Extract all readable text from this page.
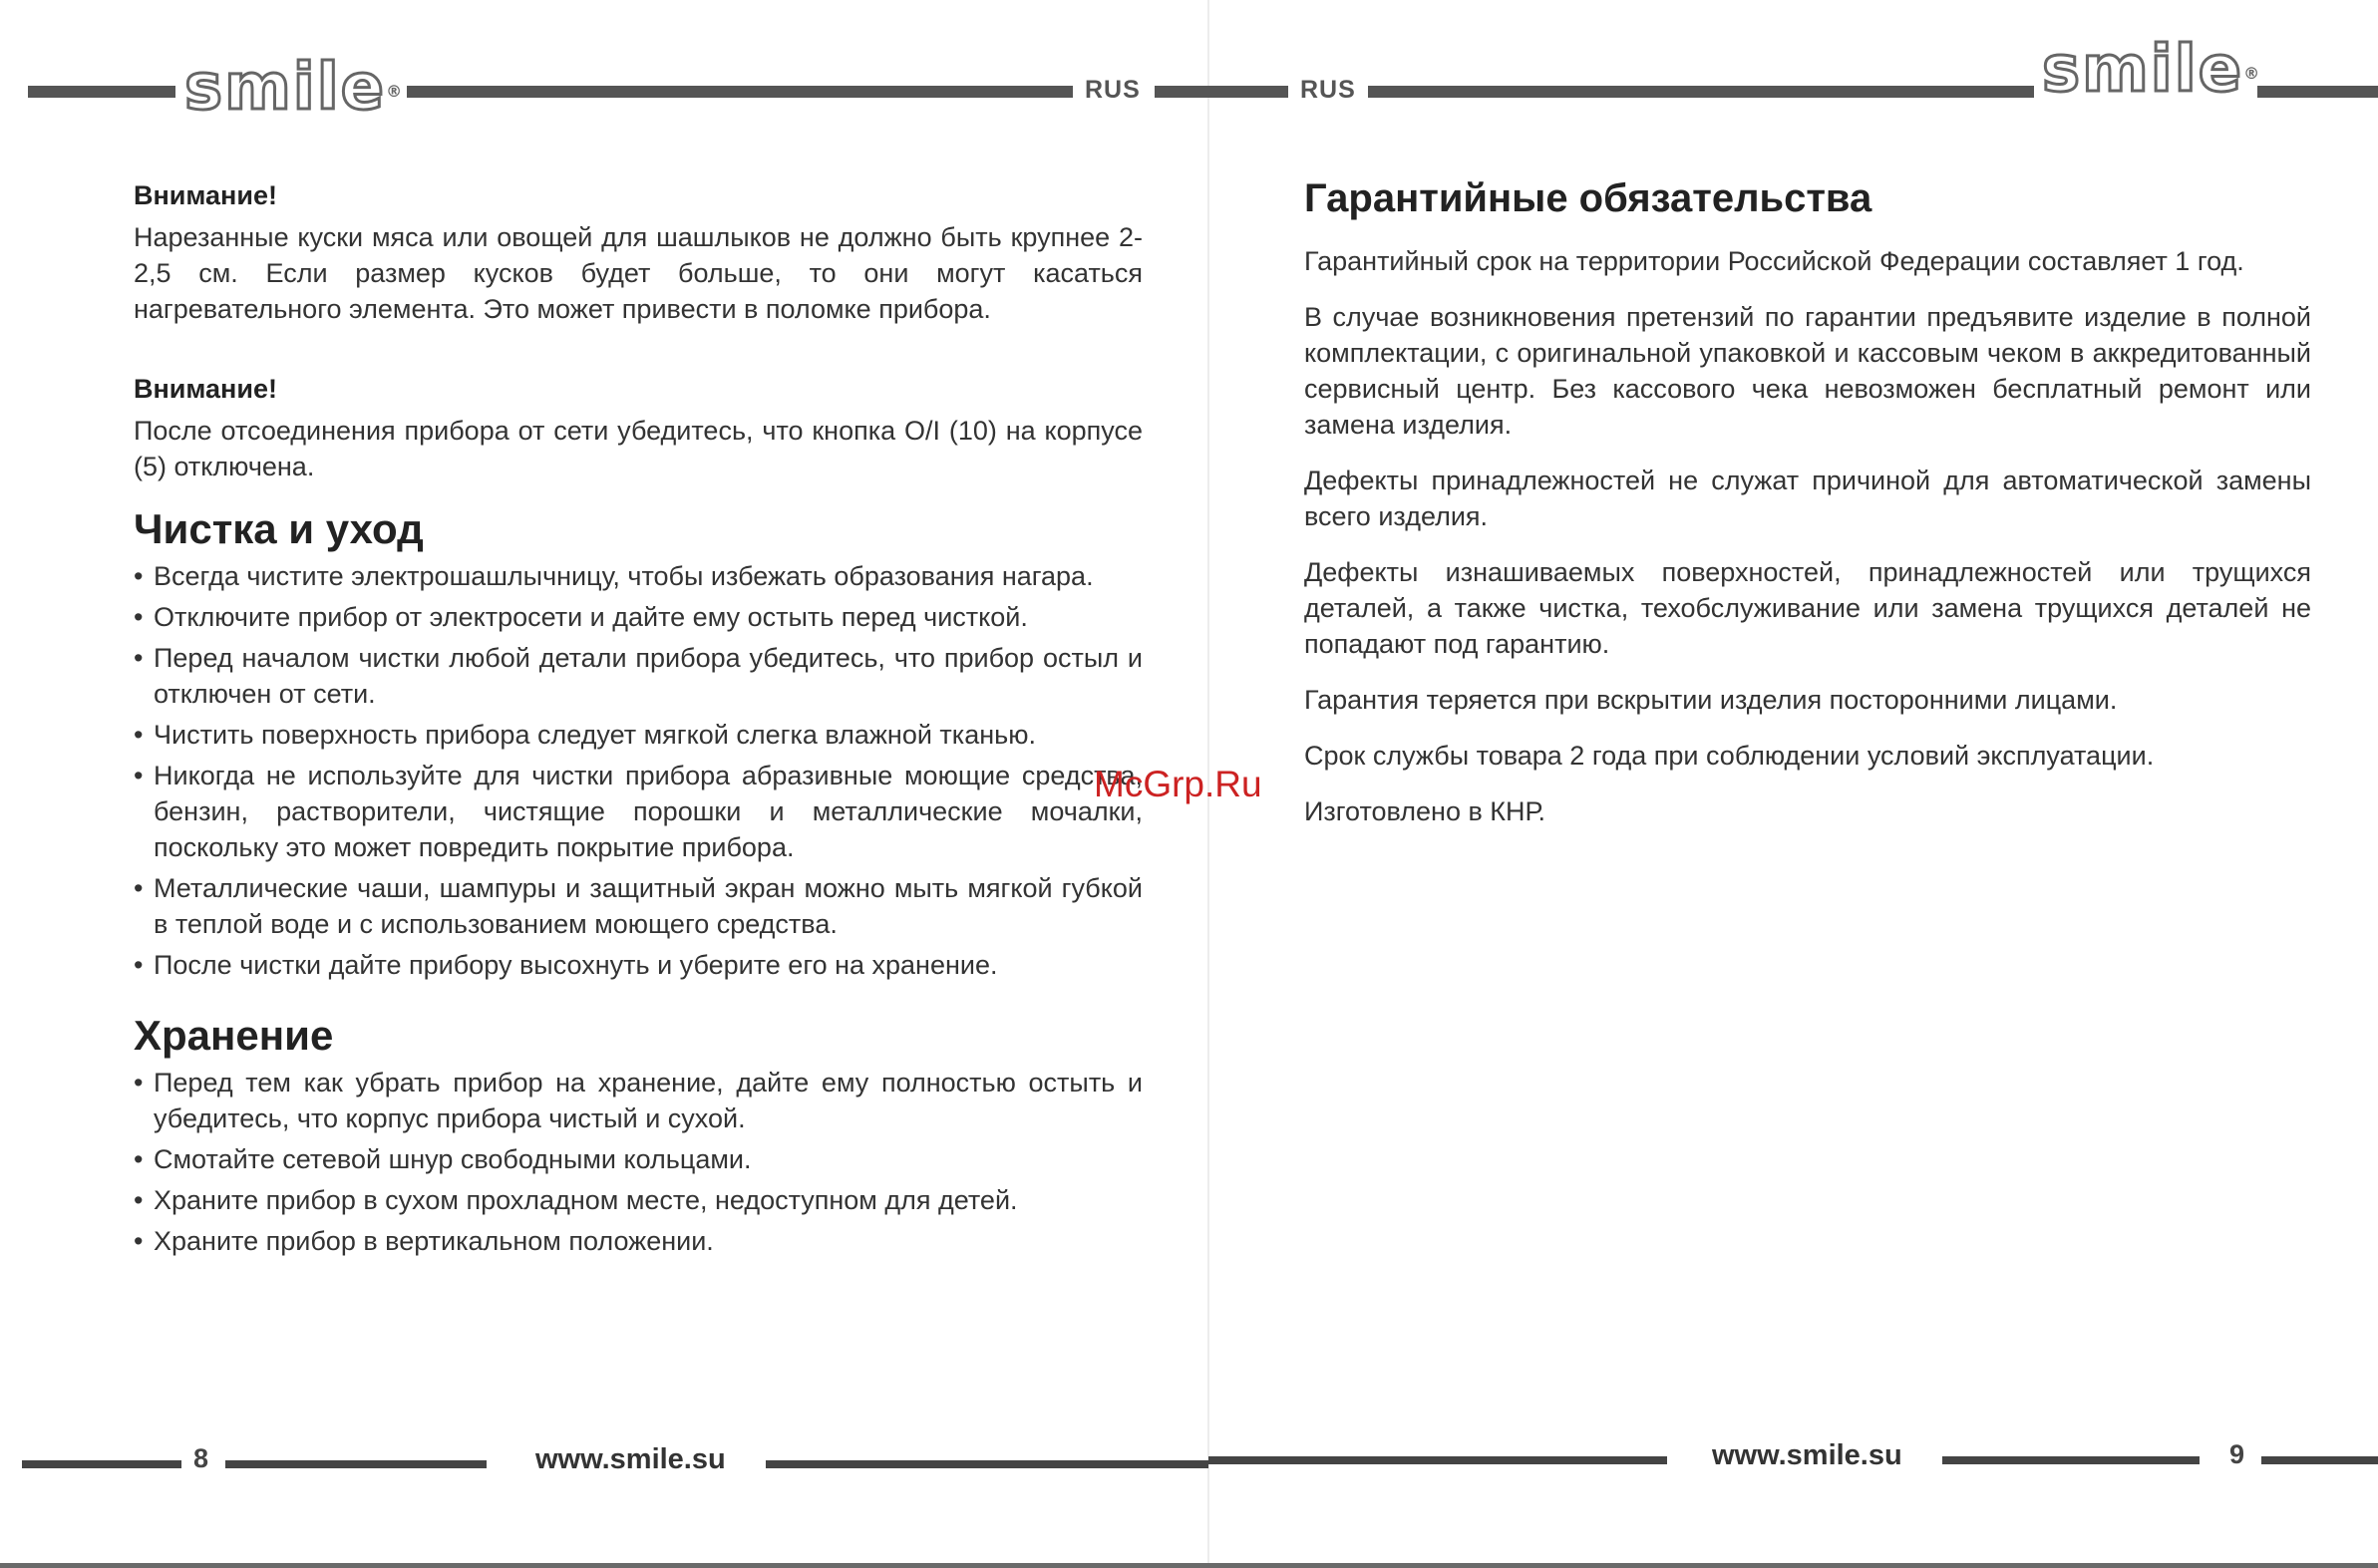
smile®	RUS
Внимание!

Нарезанные куски мяса или овощей для шашлыков не должно быть крупнее 2-2,5 см. Если размер кусков будет больше, то они могут касаться нагревательного элемента. Это может привести в поломке прибора.

Внимание!

После отсоединения прибора от сети убедитесь, что кнопка O/I (10) на корпусе (5) отключена.

Чистка и уход
• Всегда чистите электрошашлычницу, чтобы избежать образования нагара.
• Отключите прибор от электросети и дайте ему остыть перед чисткой.
• Перед началом чистки любой детали прибора убедитесь, что прибор остыл и отключен от сети.
• Чистить поверхность прибора следует мягкой слегка влажной тканью.
• Никогда не используйте для чистки прибора абразивные моющие средства, бензин, растворители, чистящие порошки и металлические мочалки, поскольку это может повредить покрытие прибора.
• Металлические чаши, шампуры и защитный экран можно мыть мягкой губкой в теплой воде и с использованием моющего средства.
• После чистки дайте прибору высохнуть и уберите его на хранение.
Хранение
• Перед тем как убрать прибор на хранение, дайте ему полностью остыть и убедитесь, что корпус прибора чистый и сухой.
• Смотайте сетевой шнур свободными кольцами.
• Храните прибор в сухом прохладном месте, недоступном для детей.
• Храните прибор в вертикальном положении.
8	www.smile.su
RUS	smile®
www.smile.su	9
Гарантийные обязательства

Гарантийный срок на территории Российской Федерации составляет 1 год.

В случае возникновения претензий по гарантии предъявите изделие в полной комплектации, с оригинальной упаковкой и кассовым чеком в аккредитованный сервисный центр. Без кассового чека невозможен бесплатный ремонт или замена изделия.

Дефекты принадлежностей не служат причиной для автоматической замены всего изделия.

Дефекты изнашиваемых поверхностей, принадлежностей или трущихся деталей, а также чистка, техобслуживание или замена трущихся деталей не попадают под гарантию.

Гарантия теряется при вскрытии изделия посторонними лицами.

Срок службы товара 2 года при соблюдении условий эксплуатации.

Изготовлено в КНР.

McGrp.Ru
